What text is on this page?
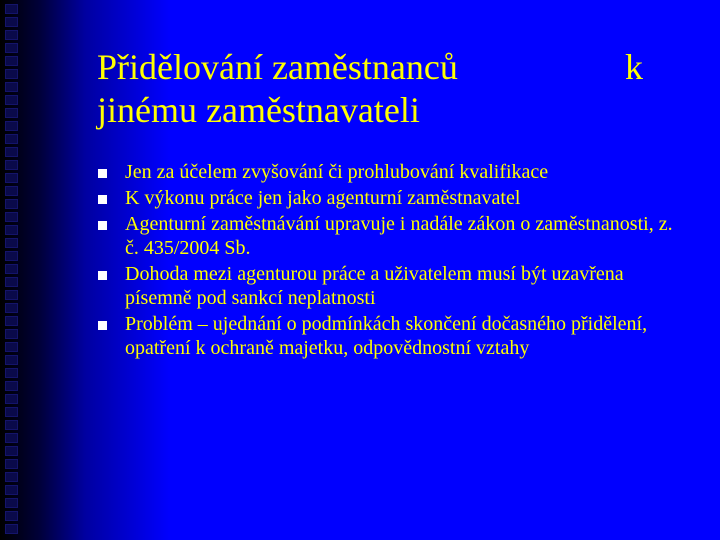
Přidělování zaměstnanců	k
jinému zaměstnavateli
Jen za účelem zvyšování či prohlubování kvalifikace
K výkonu práce jen jako agenturní zaměstnavatel
Agenturní zaměstnávání upravuje i nadále zákon o zaměstnanosti, z. č. 435/2004 Sb.
Dohoda mezi agenturou práce a uživatelem musí být uzavřena písemně pod sankcí neplatnosti
Problém – ujednání o podmínkách skončení dočasného přidělení, opatření k ochraně majetku, odpovědnostní vztahy
